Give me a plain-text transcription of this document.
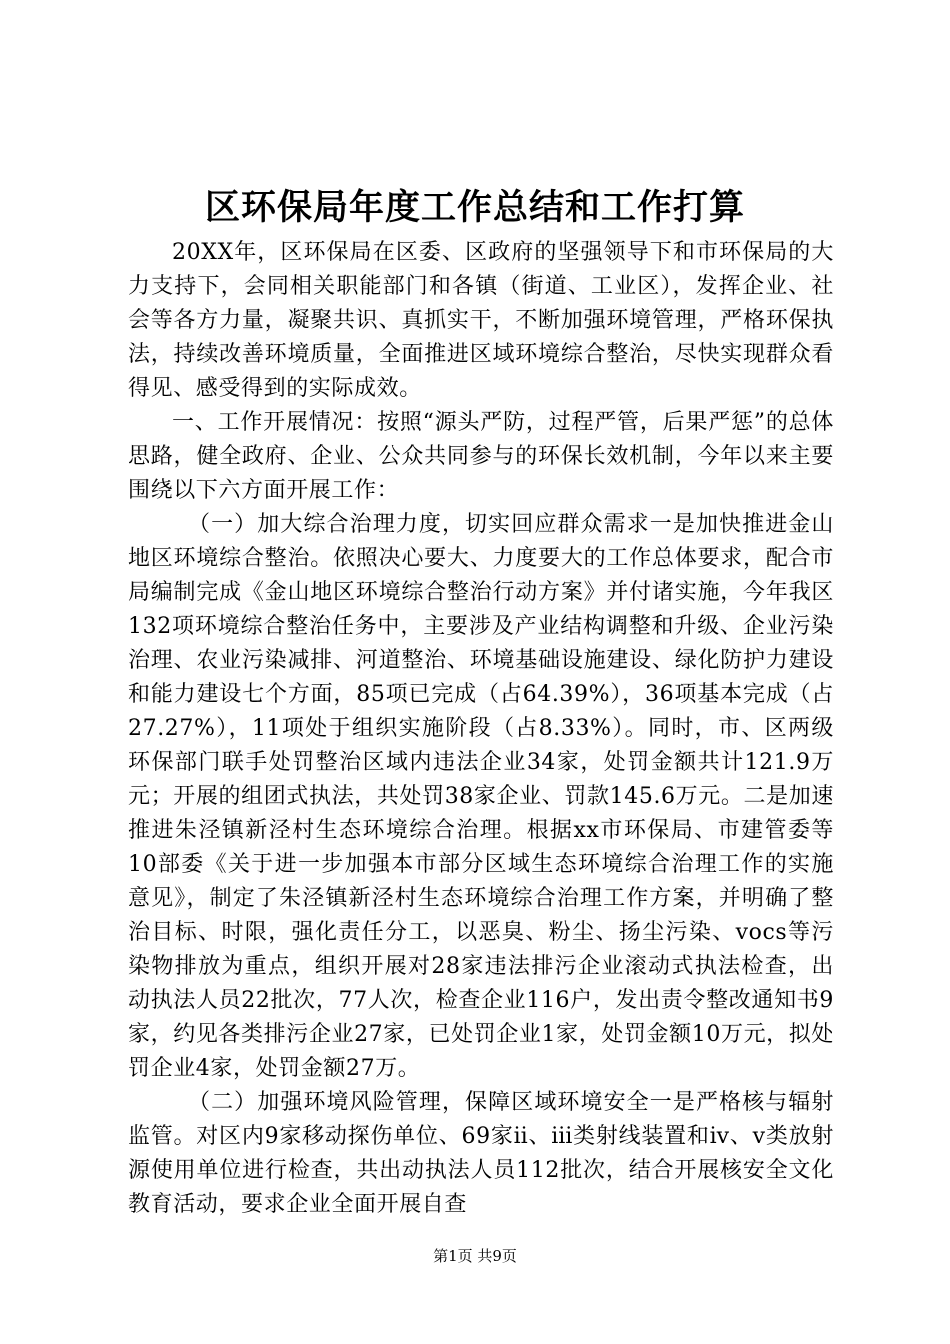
区环保局年度工作总结和工作打算

20XX年，区环保局在区委、区政府的坚强领导下和市环保局的大力支持下，会同相关职能部门和各镇（街道、工业区），发挥企业、社会等各方力量，凝聚共识、真抓实干，不断加强环境管理，严格环保执法，持续改善环境质量，全面推进区域环境综合整治，尽快实现群众看得见、感受得到的实际成效。

一、工作开展情况：按照“源头严防，过程严管，后果严惩”的总体思路，健全政府、企业、公众共同参与的环保长效机制，今年以来主要围绕以下六方面开展工作：

（一）加大综合治理力度，切实回应群众需求一是加快推进金山地区环境综合整治。依照决心要大、力度要大的工作总体要求，配合市局编制完成《金山地区环境综合整治行动方案》并付诸实施，今年我区132项环境综合整治任务中，主要涉及产业结构调整和升级、企业污染治理、农业污染减排、河道整治、环境基础设施建设、绿化防护力建设和能力建设七个方面，85项已完成（占64.39%），36项基本完成（占27.27%），11项处于组织实施阶段（占8.33%）。同时，市、区两级环保部门联手处罚整治区域内违法企业34家，处罚金额共计121.9万元；开展的组团式执法，共处罚38家企业、罚款145.6万元。二是加速推进朱泾镇新泾村生态环境综合治理。根据xx市环保局、市建管委等10部委《关于进一步加强本市部分区域生态环境综合治理工作的实施意见》，制定了朱泾镇新泾村生态环境综合治理工作方案，并明确了整治目标、时限，强化责任分工，以恶臭、粉尘、扬尘污染、vocs等污染物排放为重点，组织开展对28家违法排污企业滚动式执法检查，出动执法人员22批次，77人次，检查企业116户，发出责令整改通知书9家，约见各类排污企业27家，已处罚企业1家，处罚金额10万元，拟处罚企业4家，处罚金额27万。

（二）加强环境风险管理，保障区域环境安全一是严格核与辐射监管。对区内9家移动探伤单位、69家ⅱ、ⅲ类射线装置和ⅳ、ⅴ类放射源使用单位进行检查，共出动执法人员112批次，结合开展核安全文化教育活动，要求企业全面开展自查

第1页 共9页
